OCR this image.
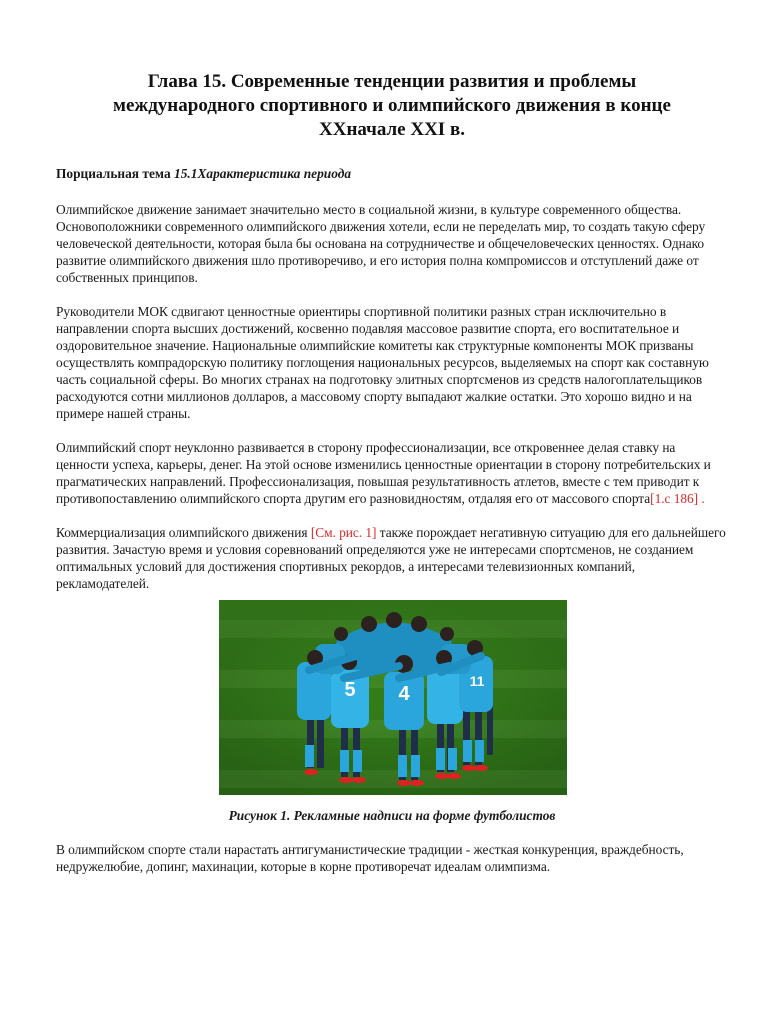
Глава 15. Современные тенденции развития и проблемы
международного спортивного и олимпийского движения в конце
XXначале XXI в.
Порциальная тема 15.1Характеристика периода

Олимпийское движение занимает значительно место в социальной жизни, в культуре современного общества. Основоположники современного олимпийского движения хотели, если не переделать мир, то создать такую сферу человеческой деятельности, которая была бы основана на сотрудничестве и общечеловеческих ценностях. Однако развитие олимпийского движения шло противоречиво, и его история полна компромиссов и отступлений даже от собственных принципов.

Руководители МОК сдвигают ценностные ориентиры спортивной политики разных стран исключительно в направлении спорта высших достижений, косвенно подавляя массовое развитие спорта, его воспитательное и оздоровительное значение. Национальные олимпийские комитеты как структурные компоненты МОК призваны осуществлять компрадорскую политику поглощения национальных ресурсов, выделяемых на спорт как составную часть социальной сферы. Во многих странах на подготовку элитных спортсменов из средств налогоплательщиков расходуются сотни миллионов долларов, а массовому спорту выпадают жалкие остатки. Это хорошо видно и на примере нашей страны.

Олимпийский спорт неуклонно развивается в сторону профессионализации, все откровеннее делая ставку на ценности успеха, карьеры, денег. На этой основе изменились ценностные ориентации в сторону потребительских и прагматических направлений. Профессионализация, повышая результативность атлетов, вместе с тем приводит к противопоставлению олимпийского спорта другим его разновидностям, отдаляя его от массового спорта[1.с 186] .

Коммерциализация олимпийского движения [См. рис. 1] также порождает негативную ситуацию для его дальнейшего развития. Зачастую время и условия соревнований определяются уже не интересами спортсменов, не созданием оптимальных условий для достижения спортивных рекордов, а интересами телевизионных компаний, рекламодателей.

5 4
11
Рисунок 1. Рекламные надписи на форме футболистов

В олимпийском спорте стали нарастать антигуманистические традиции - жесткая конкуренция, враждебность, недружелюбие, допинг, махинации, которые в корне противоречат идеалам олимпизма.
